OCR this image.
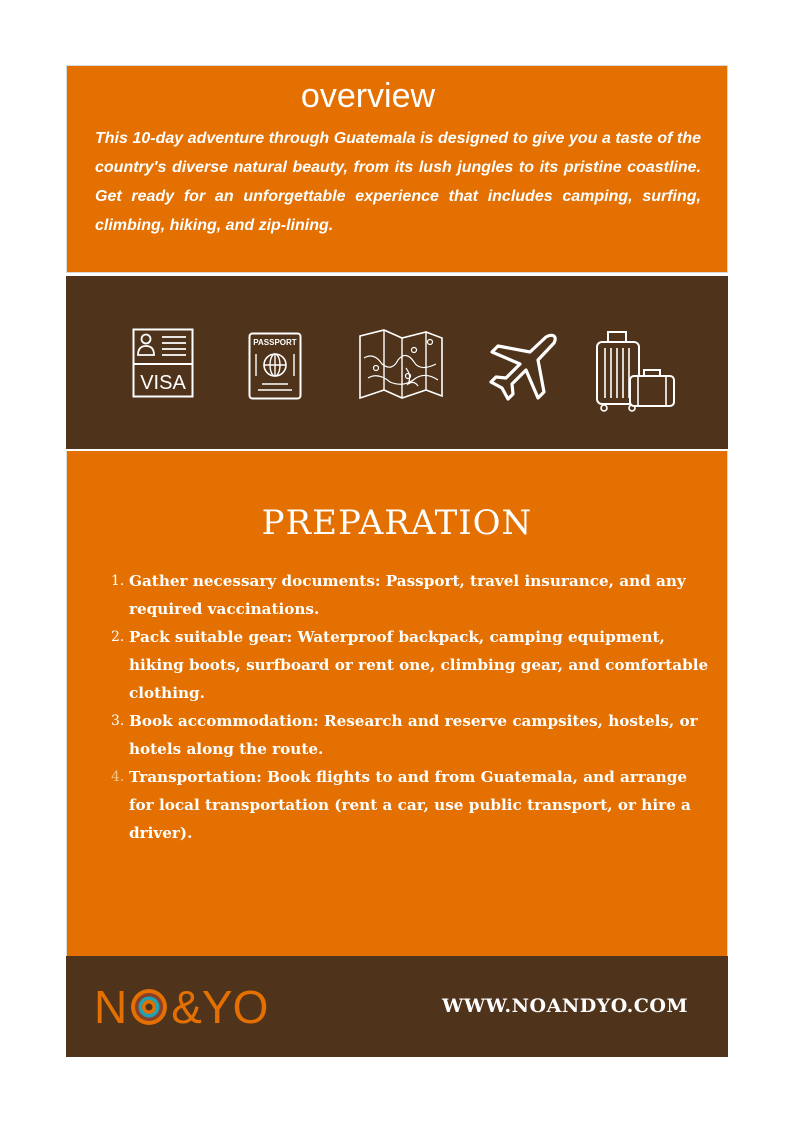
overview

This 10-day adventure through Guatemala is designed to give you a taste of the country's diverse natural beauty, from its lush jungles to its pristine coastline. Get ready for an unforgettable experience that includes camping, surfing, climbing, hiking, and zip-lining.

VISA
PASSPORT
PREPARATION
1. Gather necessary documents: Passport, travel insurance, and any required vaccinations.
2. Pack suitable gear: Waterproof backpack, camping equipment, hiking boots, surfboard or rent one, climbing gear, and comfortable clothing.
3. Book accommodation: Research and reserve campsites, hostels, or hotels along the route.
4. Transportation: Book flights to and from Guatemala, and arrange for local transportation (rent a car, use public transport, or hire a driver).
N &YO	WWW.NOANDYO.COM
